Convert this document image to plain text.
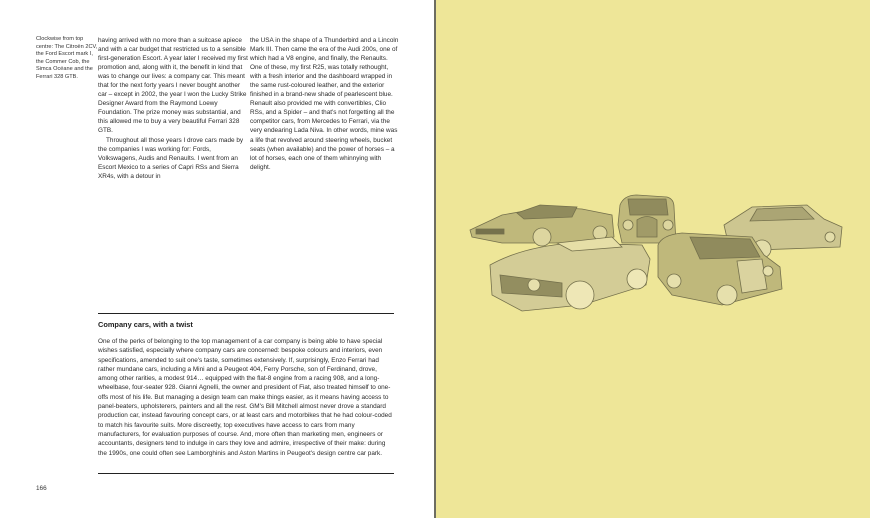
Clockwise from top centre: The Citroën 2CV, the Ford Escort mark I, the Commer Cob, the Simca Océane and the Ferrari 328 GTB.

having arrived with no more than a suitcase apiece and with a car budget that restricted us to a sensible first-generation Escort. A year later I received my first promotion and, along with it, the benefit in kind that was to change our lives: a company car. This meant that for the next forty years I never bought another car – except in 2002, the year I won the Lucky Strike Designer Award from the Raymond Loewy Foundation. The prize money was substantial, and this allowed me to buy a very beautiful Ferrari 328 GTB.

Throughout all those years I drove cars made by the companies I was working for: Fords, Volkswagens, Audis and Renaults. I went from an Escort Mexico to a series of Capri RSs and Sierra XR4s, with a detour in

the USA in the shape of a Thunderbird and a Lincoln Mark III. Then came the era of the Audi 200s, one of which had a V8 engine, and finally, the Renaults. One of these, my first R25, was totally rethought, with a fresh interior and the dashboard wrapped in the same rust-coloured leather, and the exterior finished in a brand-new shade of pearlescent blue. Renault also provided me with convertibles, Clio RSs, and a Spider – and that's not forgetting all the competitor cars, from Mercedes to Ferrari, via the very endearing Lada Niva. In other words, mine was a life that revolved around steering wheels, bucket seats (when available) and the power of horses – a lot of horses, each one of them whinnying with delight.

Company cars, with a twist

One of the perks of belonging to the top management of a car company is being able to have special wishes satisfied, especially where company cars are concerned: bespoke colours and interiors, even specifications, amended to suit one's taste, sometimes extensively. If, surprisingly, Enzo Ferrari had rather mundane cars, including a Mini and a Peugeot 404, Ferry Porsche, son of Ferdinand, drove, among other rarities, a modest 914… equipped with the flat-8 engine from a racing 908, and a long-wheelbase, four-seater 928. Gianni Agnelli, the owner and president of Fiat, also treated himself to one-offs most of his life. But managing a design team can make things easier, as it means having access to panel-beaters, upholsterers, painters and all the rest. GM's Bill Mitchell almost never drove a standard production car, instead favouring concept cars, or at least cars and motorbikes that he had colour-coded to match his favourite suits. More discreetly, top executives have access to cars from many manufacturers, for evaluation purposes of course. And, more often than marketing men, engineers or accountants, designers tend to indulge in cars they love and admire, irrespective of their make: during the 1990s, one could often see Lamborghinis and Aston Martins in Peugeot's design centre car park.

166
